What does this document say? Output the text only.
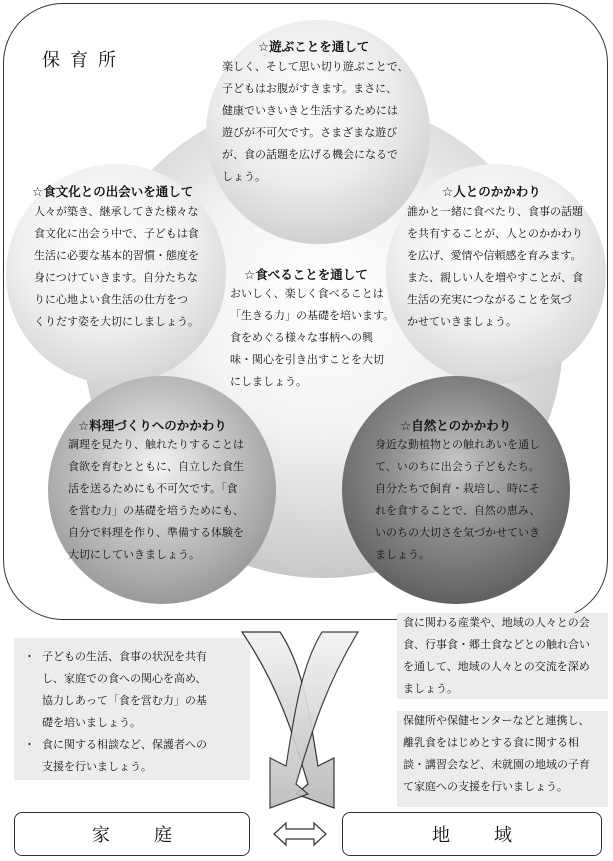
保育所
☆食べることを通して
おいしく、楽しく食べることは
「生きる力」の基礎を培います。
食をめぐる様々な事柄への興
味・関心を引き出すことを大切
にしましょう。
☆遊ぶことを通して
楽しく、そして思い切り遊ぶことで、
子どもはお腹がすきます。まさに、
健康でいきいきと生活するためには
遊びが不可欠です。さまざまな遊び
が、食の話題を広げる機会になるで
しょう。
☆人とのかかわり
誰かと一緒に食べたり、食事の話題
を共有することが、人とのかかわり
を広げ、愛情や信頼感を育みます。
また、親しい人を増やすことが、食
生活の充実につながることを気づ
かせていきましょう。
☆食文化との出会いを通して
人々が築き、継承してきた様々な
食文化に出会う中で、子どもは食
生活に必要な基本的習慣・態度を
身につけていきます。自分たちな
りに心地よい食生活の仕方をつ
くりだす姿を大切にしましょう。
☆料理づくりへのかかわり
調理を見たり、触れたりすることは
食欲を育むとともに、自立した食生
活を送るためにも不可欠です。「食
を営む力」の基礎を培うためにも、
自分で料理を作り、準備する体験を
大切にしていきましょう。
☆自然とのかかわり
身近な動植物との触れあいを通し
て、いのちに出会う子どもたち。
自分たちで飼育・栽培し、時にそ
れを食することで、自然の恵み、
いのちの大切さを気づかせていき
ましょう。
・ 子どもの生活、食事の状況を共有
し、家庭での食への関心を高め、
協力しあって「食を営む力」の基
礎を培いましょう。
・ 食に関する相談など、保護者への
支援を行いましょう。
食に関わる産業や、地域の人々との会
食、行事食・郷土食などとの触れ合い
を通して、地域の人々との交流を深め
ましょう。
保健所や保健センターなどと連携し、
離乳食をはじめとする食に関する相
談・講習会など、未就園の地域の子育
て家庭への支援を行いましょう。
家庭	地域
